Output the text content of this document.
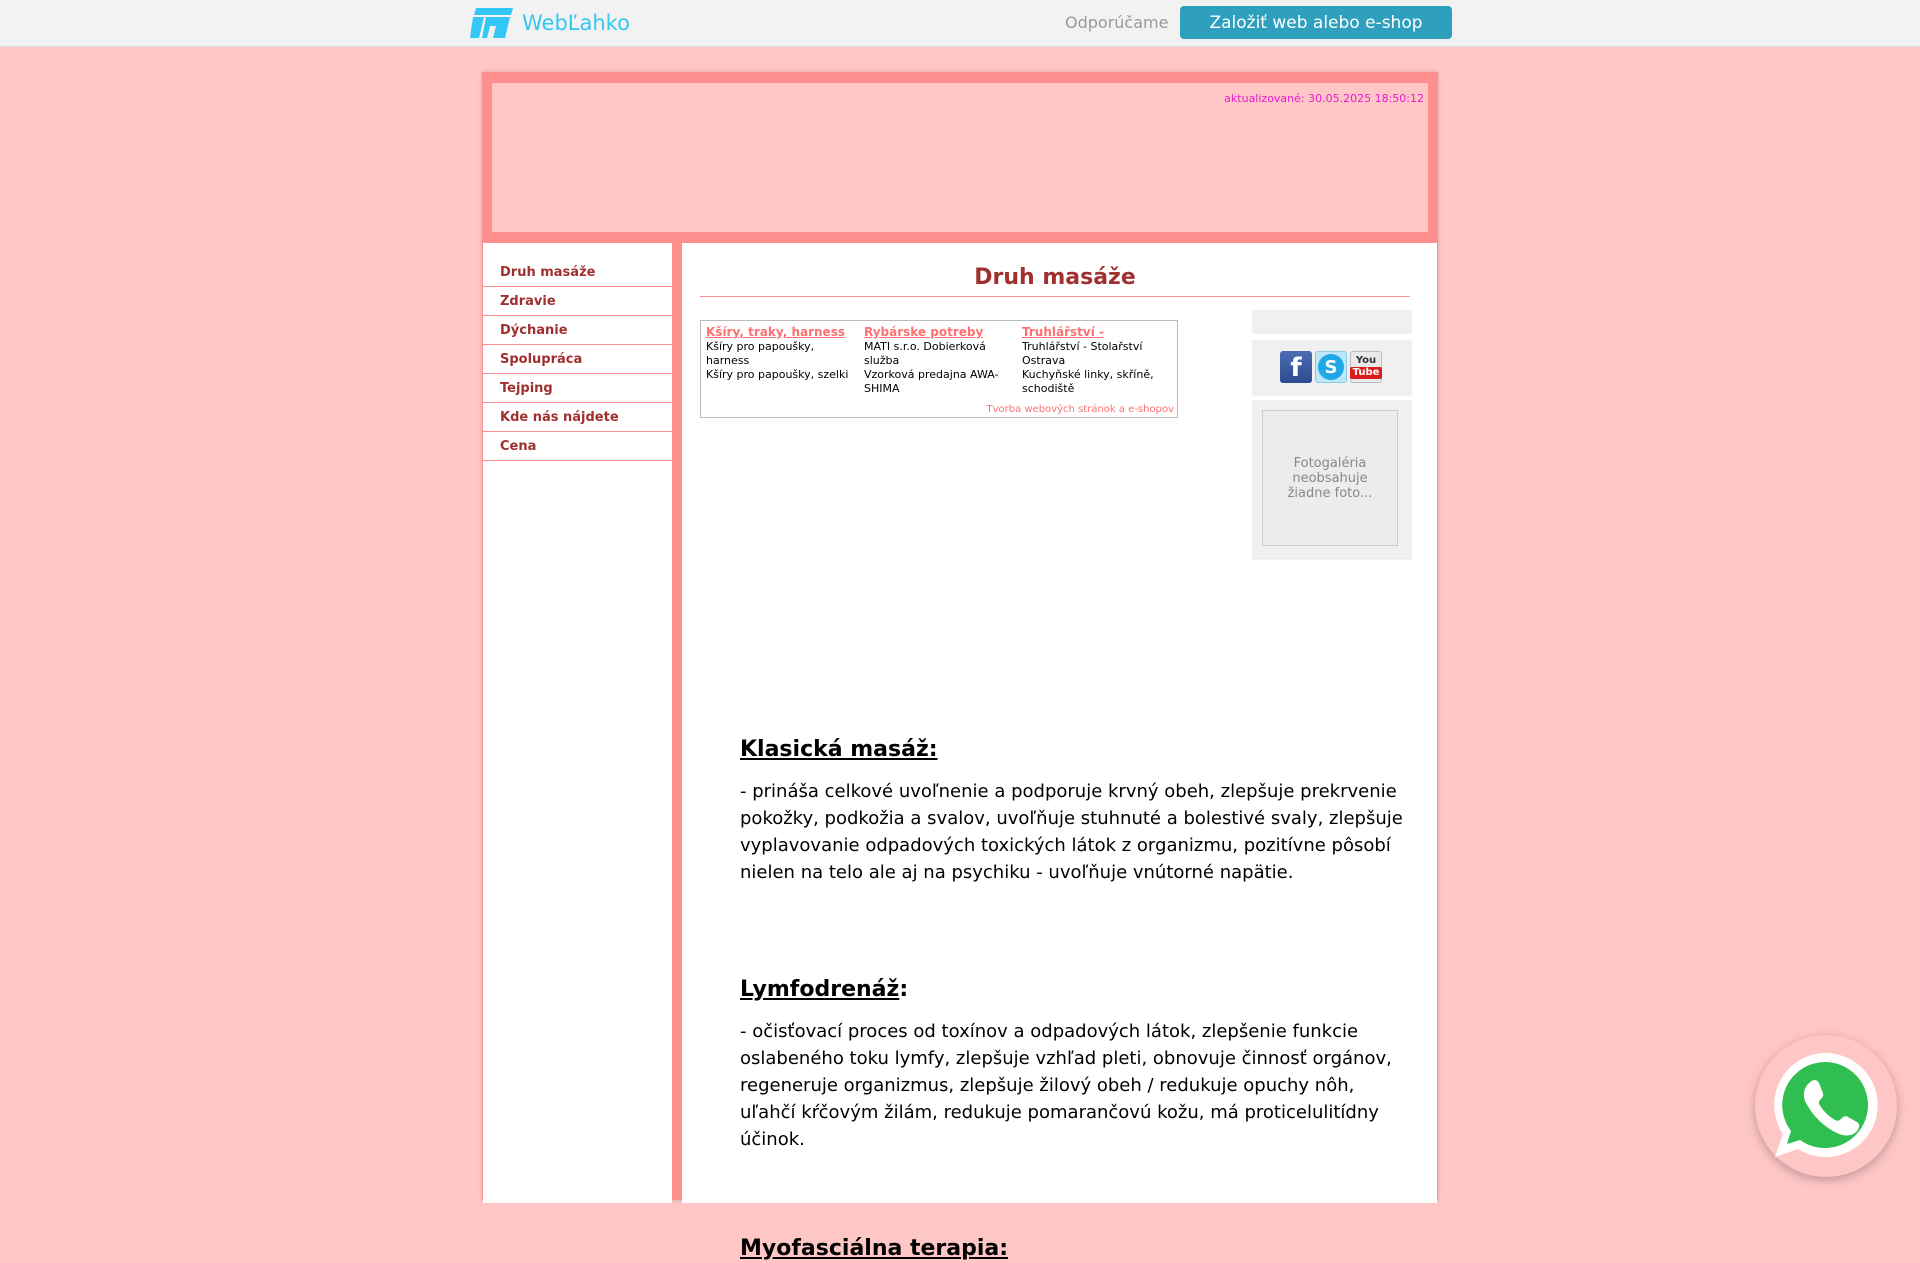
WebĽahko	Odporúčame	Založiť web alebo e-shop
aktualizované: 30.05.2025 18:50:12
Druh masáže
Zdravie
Dýchanie
Spolupráca
Tejping
Kde nás nájdete
Cena
Druh masáže
Kšíry, traky, harness
Kšíry pro papoušky, harness
Kšíry pro papoušky, szelki
Rybárske potreby
MATI s.r.o. Dobierková služba
Vzorková predajna AWA-SHIMA
Truhlářství -
Truhlářství - Stolařství Ostrava
Kuchyňské linky, skříně, schodiště
Tvorba webových stránok a e-shopov
f	S	You
Tube
Fotogaléria neobsahuje žiadne foto...
Klasická masáž:

- prináša celkové uvoľnenie a podporuje krvný obeh, zlepšuje prekrvenie pokožky, podkožia a svalov, uvoľňuje stuhnuté a bolestivé svaly, zlepšuje vyplavovanie odpadových toxických látok z organizmu, pozitívne pôsobí nielen na telo ale aj na psychiku - uvoľňuje vnútorné napätie.

Lymfodrenáž:

- očisťovací proces od toxínov a odpadových látok, zlepšenie funkcie oslabeného toku lymfy, zlepšuje vzhľad pleti, obnovuje činnosť orgánov, regeneruje organizmus, zlepšuje žilový obeh / redukuje opuchy nôh, uľahčí kŕčovým žilám, redukuje pomarančovú kožu, má proticelulitídny účinok.

Myofasciálna terapia:
